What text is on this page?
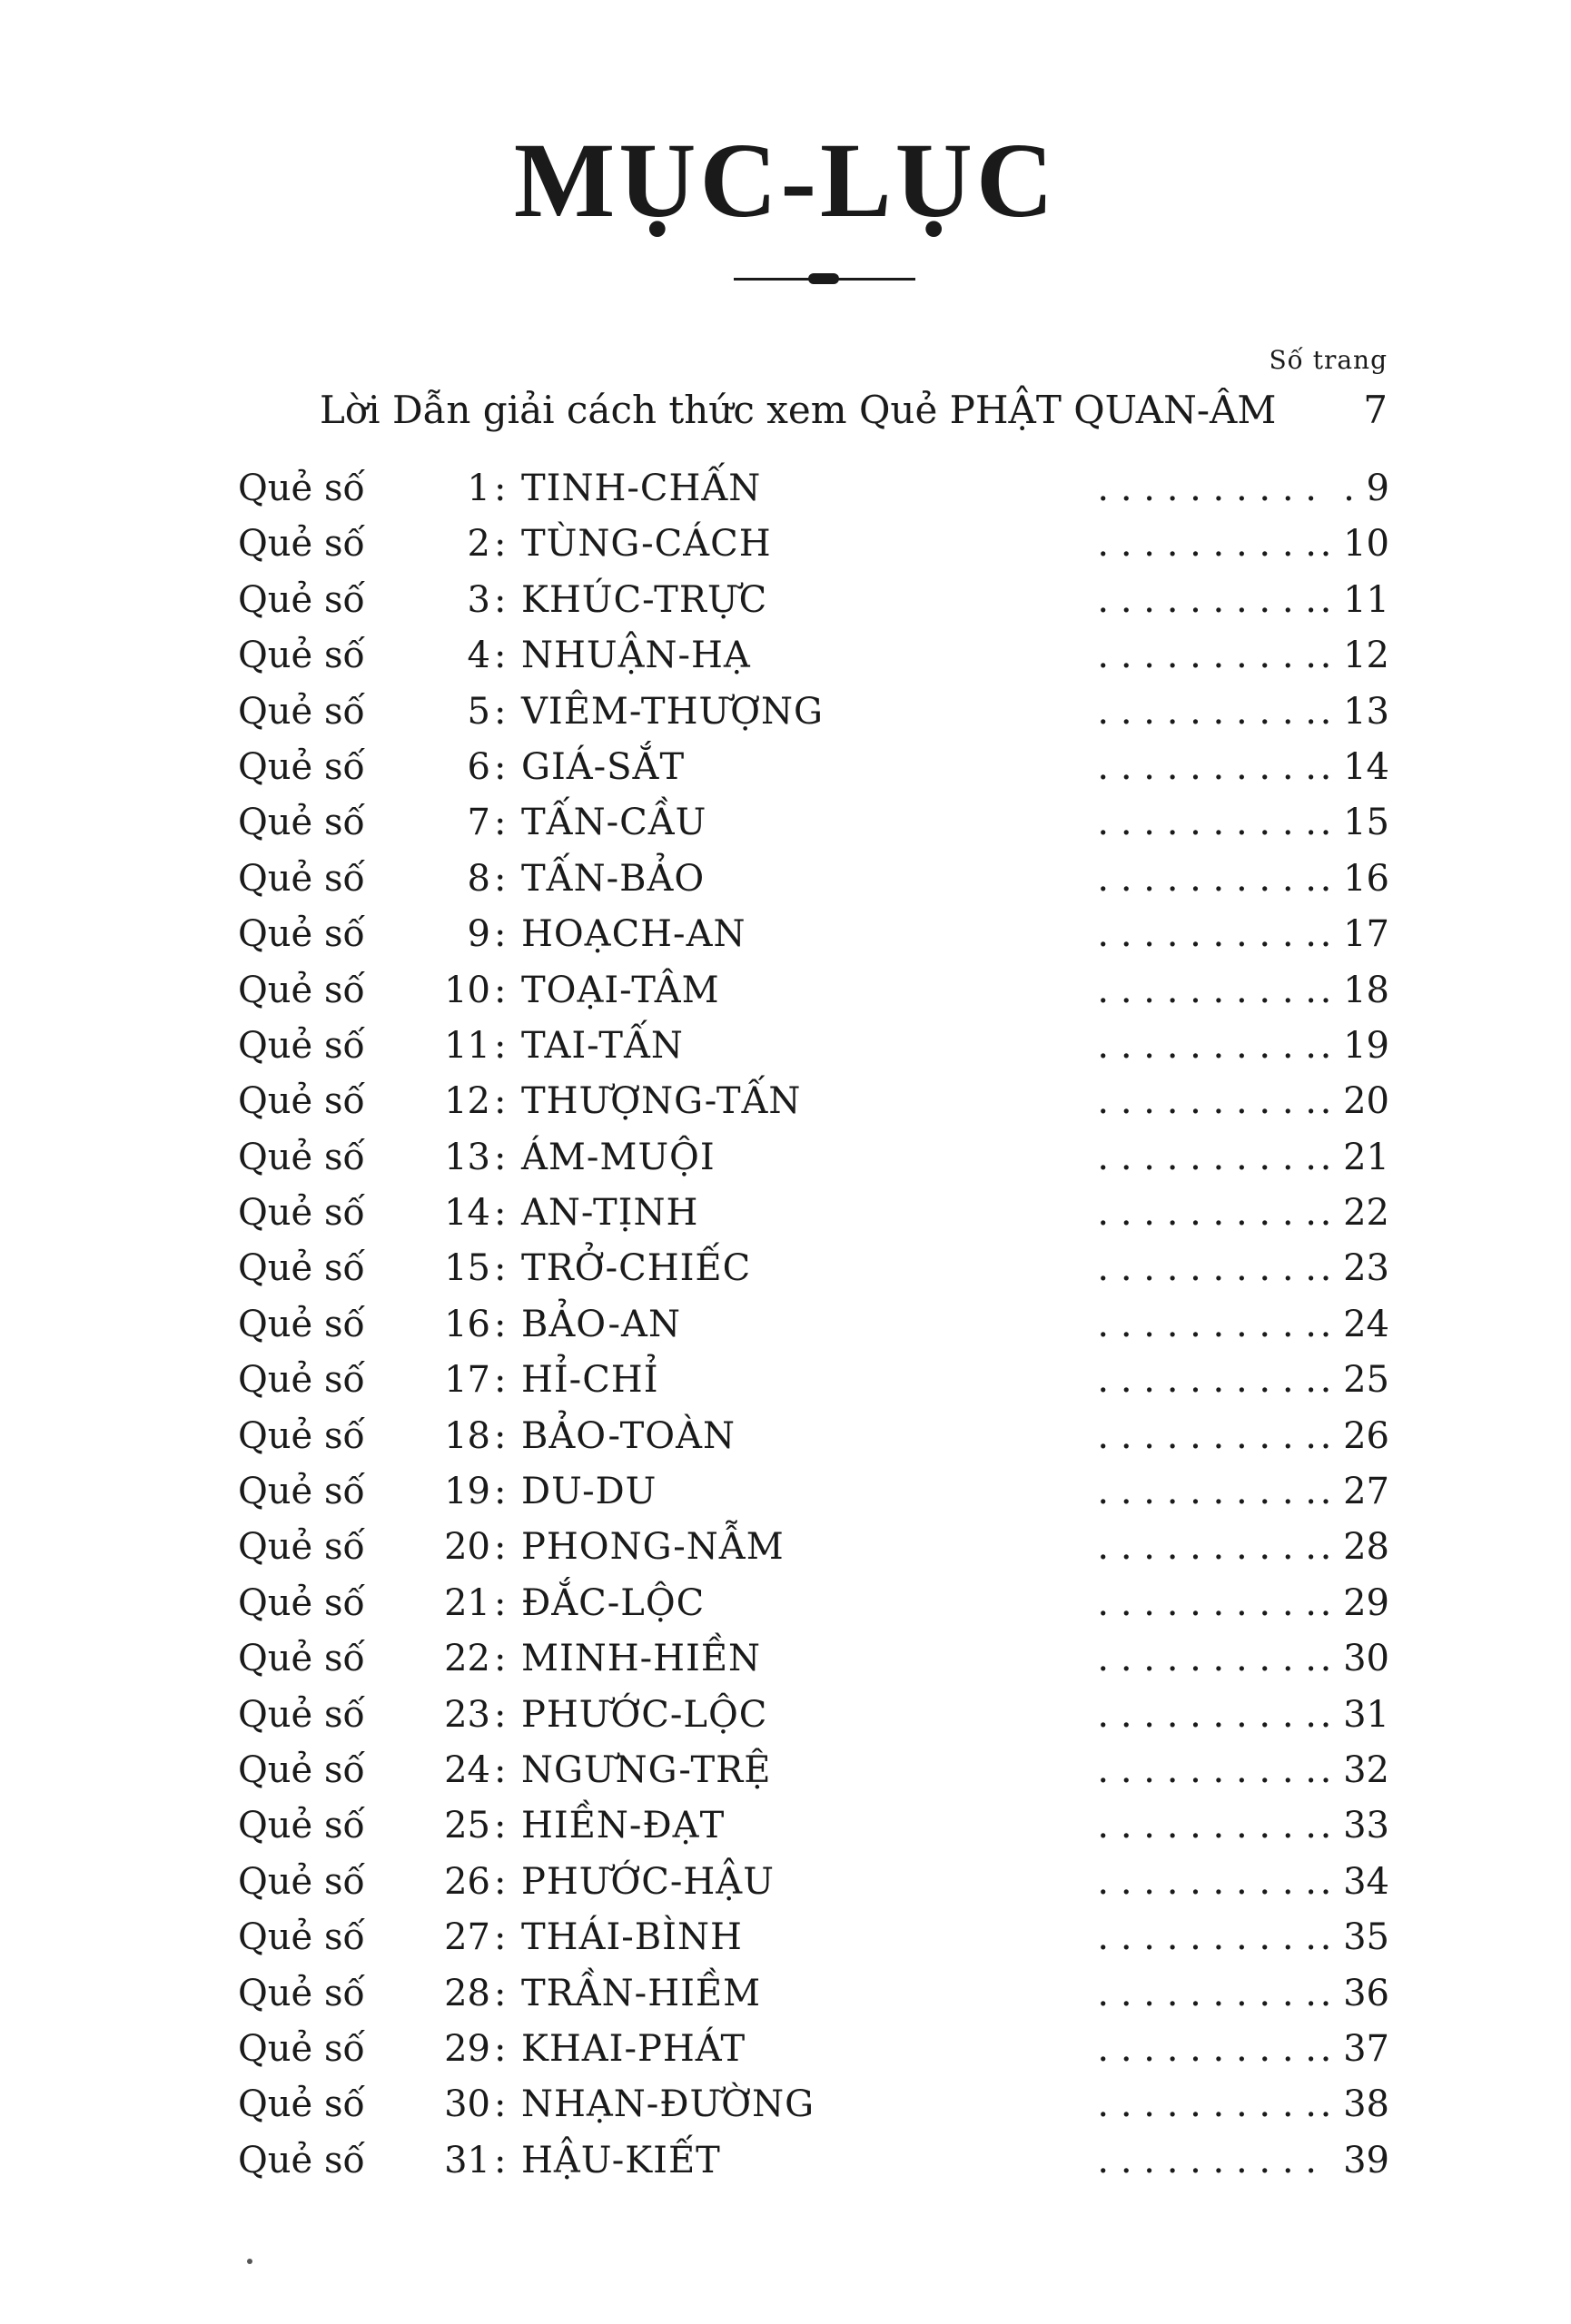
MỤC-LỤC
Số trang
Lời Dẫn giải cách thức xem Quẻ PHẬT QUAN-ÂM 7
Quẻ số	1 : TINH-CHẤN	. . . . . . . . . . . 9
Quẻ số	2 : TÙNG-CÁCH	. . . . . . . . . . . 10
Quẻ số	3 : KHÚC-TRỰC	. . . . . . . . . . . 11
Quẻ số	4 : NHUẬN-HẠ	. . . . . . . . . . . 12
Quẻ số	5 : VIÊM-THƯỢNG	. . . . . . . . . . . 13
Quẻ số	6 : GIÁ-SẮT	. . . . . . . . . . . 14
Quẻ số	7 : TẤN-CẦU	. . . . . . . . . . . 15
Quẻ số	8 : TẤN-BẢO	. . . . . . . . . . . 16
Quẻ số	9 : HOẠCH-AN	. . . . . . . . . . . 17
Quẻ số	10 : TOẠI-TÂM	. . . . . . . . . . . 18
Quẻ số	11 : TAI-TẤN	. . . . . . . . . . . 19
Quẻ số	12 : THƯỢNG-TẤN	. . . . . . . . . . . 20
Quẻ số	13 : ÁM-MUỘI	. . . . . . . . . . . 21
Quẻ số	14 : AN-TỊNH	. . . . . . . . . . . 22
Quẻ số	15 : TRỞ-CHIẾC	. . . . . . . . . . . 23
Quẻ số	16 : BẢO-AN	. . . . . . . . . . . 24
Quẻ số	17 : HỈ-CHỈ	. . . . . . . . . . . 25
Quẻ số	18 : BẢO-TOÀN	. . . . . . . . . . . 26
Quẻ số	19 : DU-DU	. . . . . . . . . . . 27
Quẻ số	20 : PHONG-NẪM	. . . . . . . . . . . 28
Quẻ số	21 : ĐẮC-LỘC	. . . . . . . . . . . 29
Quẻ số	22 : MINH-HIỀN	. . . . . . . . . . . 30
Quẻ số	23 : PHƯỚC-LỘC	. . . . . . . . . . . 31
Quẻ số	24 : NGƯNG-TRỆ	. . . . . . . . . . . 32
Quẻ số	25 : HIỀN-ĐẠT	. . . . . . . . . . . 33
Quẻ số	26 : PHƯỚC-HẬU	. . . . . . . . . . . 34
Quẻ số	27 : THÁI-BÌNH	. . . . . . . . . . . 35
Quẻ số	28 : TRẦN-HIỀM	. . . . . . . . . . . 36
Quẻ số	29 : KHAI-PHÁT	. . . . . . . . . . . 37
Quẻ số	30 : NHẠN-ĐƯỜNG	. . . . . . . . . . . 38
Quẻ số	31 : HẬU-KIẾT	. . . . . . . . . . 39
